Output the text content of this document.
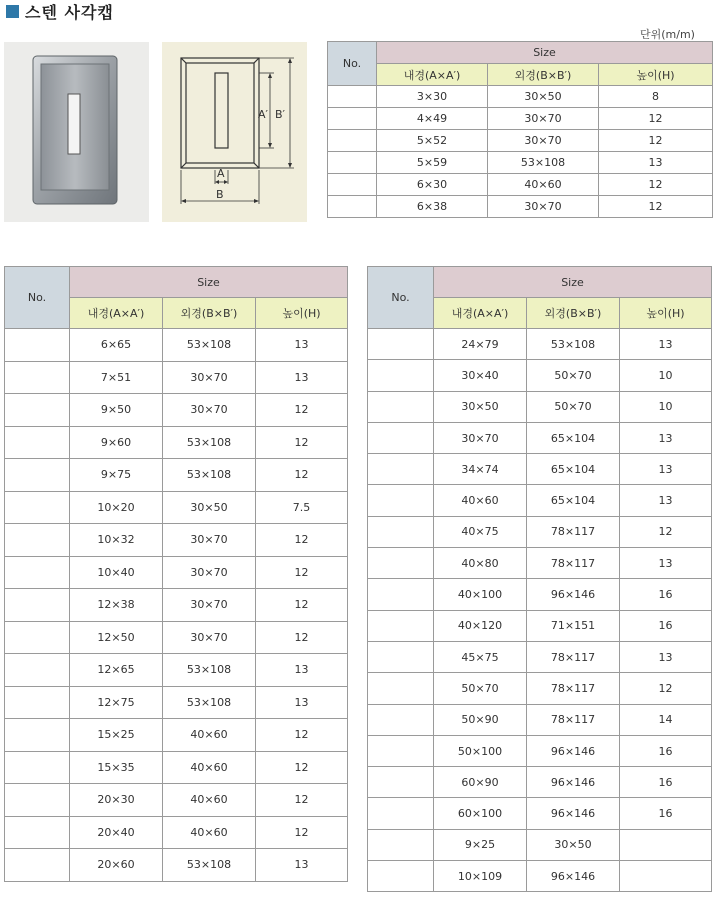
스텐 사각캡
단위(m/m)
A′ B′
A
B
No.	Size		
	내경(A×A′)	외경(B×B′)	높이(H)
	3×30	30×50	8
	4×49	30×70	12
	5×52	30×70	12
	5×59	53×108	13
	6×30	40×60	12
	6×38	30×70	12
No.	Size		
	내경(A×A′)	외경(B×B′)	높이(H)
	6×65	53×108	13
	7×51	30×70	13
	9×50	30×70	12
	9×60	53×108	12
	9×75	53×108	12
	10×20	30×50	7.5
	10×32	30×70	12
	10×40	30×70	12
	12×38	30×70	12
	12×50	30×70	12
	12×65	53×108	13
	12×75	53×108	13
	15×25	40×60	12
	15×35	40×60	12
	20×30	40×60	12
	20×40	40×60	12
	20×60	53×108	13
No.	Size		
	내경(A×A′)	외경(B×B′)	높이(H)
	24×79	53×108	13
	30×40	50×70	10
	30×50	50×70	10
	30×70	65×104	13
	34×74	65×104	13
	40×60	65×104	13
	40×75	78×117	12
	40×80	78×117	13
	40×100	96×146	16
	40×120	71×151	16
	45×75	78×117	13
	50×70	78×117	12
	50×90	78×117	14
	50×100	96×146	16
	60×90	96×146	16
	60×100	96×146	16
	9×25	30×50	
	10×109	96×146	
